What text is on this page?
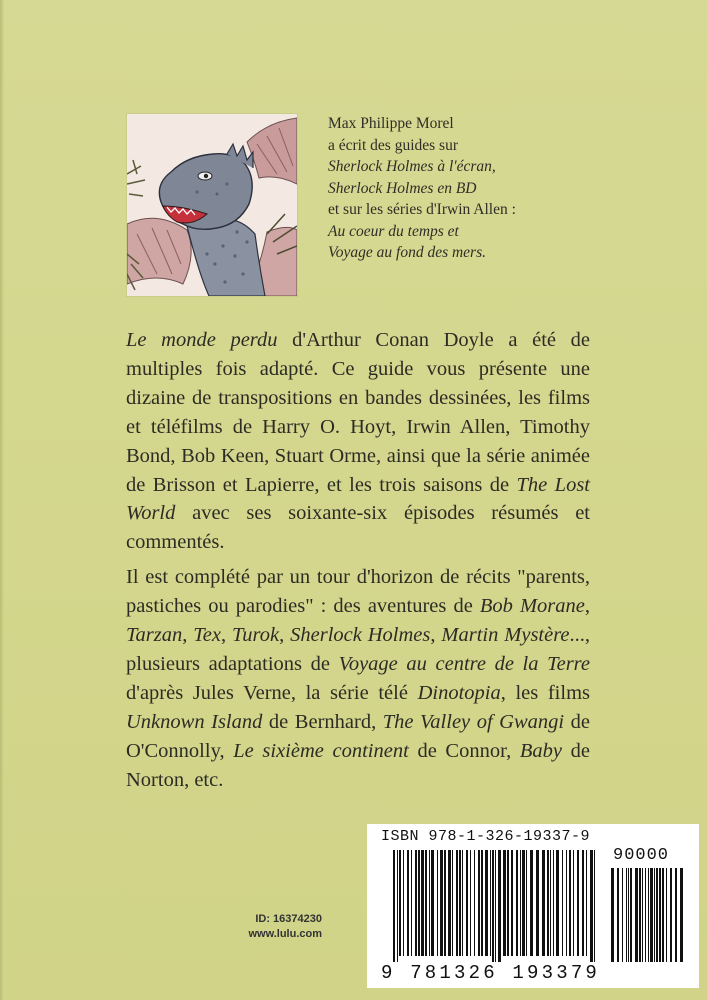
Max Philippe Morel
a écrit des guides sur
Sherlock Holmes à l'écran,
Sherlock Holmes en BD
et sur les séries d'Irwin Allen :
Au coeur du temps et
Voyage au fond des mers.

Le monde perdu d'Arthur Conan Doyle a été de multiples fois adapté. Ce guide vous présente une dizaine de transpositions en bandes dessinées, les films et téléfilms de Harry O. Hoyt, Irwin Allen, Timothy Bond, Bob Keen, Stuart Orme, ainsi que la série animée de Brisson et Lapierre, et les trois saisons de The Lost World avec ses soixante-six épisodes résumés et commentés.

Il est complété par un tour d'horizon de récits "parents, pastiches ou parodies" : des aventures de Bob Morane, Tarzan, Tex, Turok, Sherlock Holmes, Martin Mystère..., plusieurs adaptations de Voyage au centre de la Terre d'après Jules Verne, la série télé Dinotopia, les films Unknown Island de Bernhard, The Valley of Gwangi de O'Connolly, Le sixième continent de Connor, Baby de Norton, etc.

ID: 16374230
www.lulu.com
ISBN 978-1-326-19337-9
90000
9 781326 193379
